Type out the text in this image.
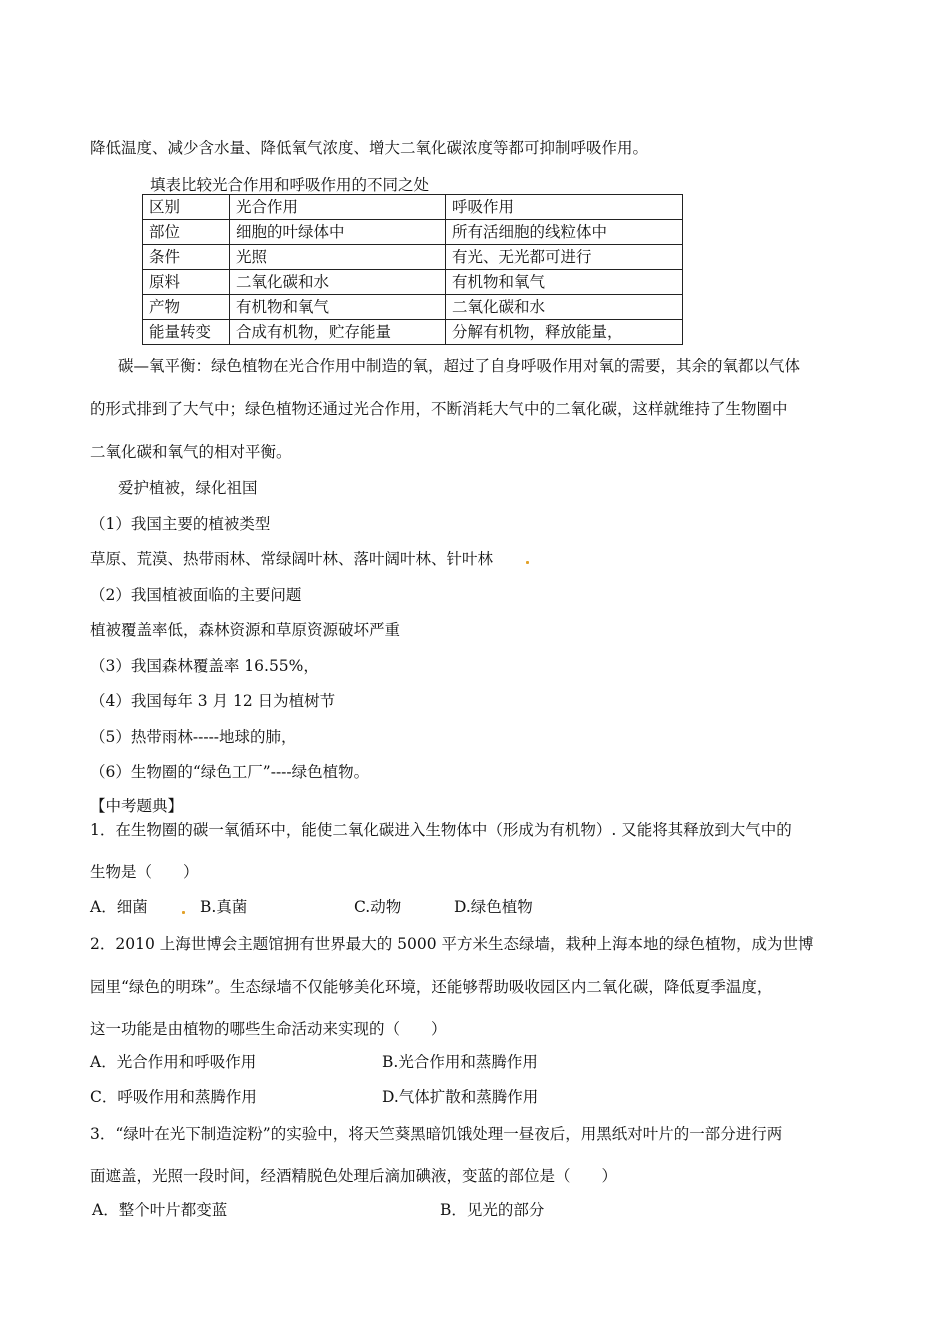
降低温度、减少含水量、降低氧气浓度、增大二氧化碳浓度等都可抑制呼吸作用。
填表比较光合作用和呼吸作用的不同之处
区别	光合作用	呼吸作用
部位	细胞的叶绿体中	所有活细胞的线粒体中
条件	光照	有光、无光都可进行
原料	二氧化碳和水	有机物和氧气
产物	有机物和氧气	二氧化碳和水
能量转变	合成有机物，贮存能量	分解有机物，释放能量，
碳—氧平衡：绿色植物在光合作用中制造的氧，超过了自身呼吸作用对氧的需要，其余的氧都以气体
的形式排到了大气中；绿色植物还通过光合作用，不断消耗大气中的二氧化碳，这样就维持了生物圈中
二氧化碳和氧气的相对平衡。
爱护植被，绿化祖国
（1）我国主要的植被类型
草原、荒漠、热带雨林、常绿阔叶林、落叶阔叶林、针叶林
（2）我国植被面临的主要问题
植被覆盖率低，森林资源和草原资源破坏严重
（3）我国森林覆盖率 16.55%，
（4）我国每年 3 月 12 日为植树节
（5）热带雨林-----地球的肺，
（6）生物圈的“绿色工厂”----绿色植物。
【中考题典】
1．在生物圈的碳一氧循环中，能使二氧化碳进入生物体中（形成为有机物）. 又能将其释放到大气中的
生物是（　　）
A．细菌	B.真菌	C.动物	D.绿色植物
2．2010 上海世博会主题馆拥有世界最大的 5000 平方米生态绿墙，栽种上海本地的绿色植物，成为世博
园里“绿色的明珠”。生态绿墙不仅能够美化环境，还能够帮助吸收园区内二氧化碳，降低夏季温度，
这一功能是由植物的哪些生命活动来实现的（　　）
A．光合作用和呼吸作用	B.光合作用和蒸腾作用
C．呼吸作用和蒸腾作用	D.气体扩散和蒸腾作用
3．“绿叶在光下制造淀粉”的实验中，将天竺葵黑暗饥饿处理一昼夜后，用黑纸对叶片的一部分进行两
面遮盖，光照一段时间，经酒精脱色处理后滴加碘液，变蓝的部位是（　　）
A．整个叶片都变蓝	B．见光的部分
